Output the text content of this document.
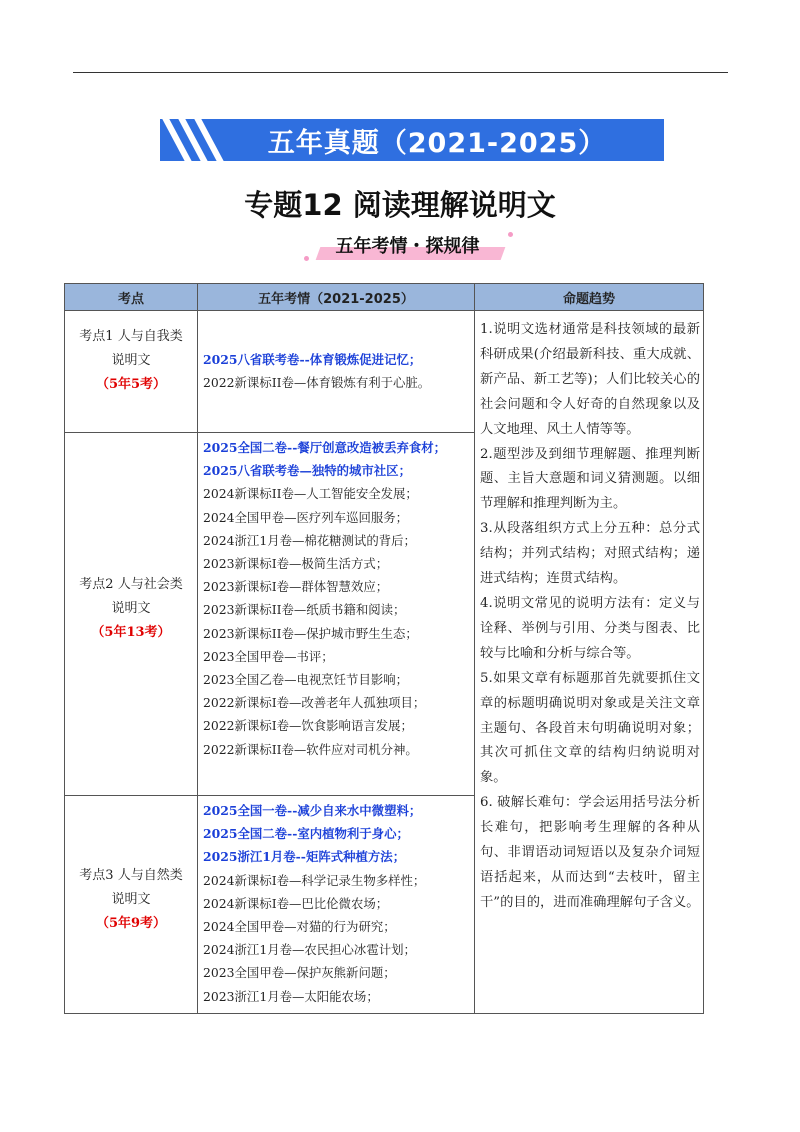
五年真题（2021-2025）
专题12 阅读理解说明文
五年考情・探规律
考点	五年考情（2021-2025）	命题趋势
考点1 人与自我类
说明文
（5年5考）
2025八省联考卷--体育锻炼促进记忆；
2022新课标II卷—体育锻炼有利于心脏。
考点2 人与社会类
说明文
（5年13考）
2025全国二卷--餐厅创意改造被丢弃食材；
2025八省联考卷—独特的城市社区；
2024新课标II卷—人工智能安全发展；
2024全国甲卷—医疗列车巡回服务；
2024浙江1月卷—棉花糖测试的背后；
2023新课标I卷—极简生活方式；
2023新课标I卷—群体智慧效应；
2023新课标II卷—纸质书籍和阅读；
2023新课标II卷—保护城市野生生态；
2023全国甲卷—书评；
2023全国乙卷—电视烹饪节目影响；
2022新课标I卷—改善老年人孤独项目；
2022新课标I卷—饮食影响语言发展；
2022新课标II卷—软件应对司机分神。
考点3 人与自然类
说明文
（5年9考）
2025全国一卷--减少自来水中微塑料；
2025全国二卷--室内植物利于身心；
2025浙江1月卷--矩阵式种植方法；
2024新课标I卷—科学记录生物多样性；
2024新课标I卷—巴比伦微农场；
2024全国甲卷—对猫的行为研究；
2024浙江1月卷—农民担心冰雹计划；
2023全国甲卷—保护灰熊新问题；
2023浙江1月卷—太阳能农场；

1.说明文选材通常是科技领域的最新科研成果(介绍最新科技、重大成就、新产品、新工艺等)；人们比较关心的社会问题和令人好奇的自然现象以及人文地理、风土人情等等。

2.题型涉及到细节理解题、推理判断题、主旨大意题和词义猜测题。以细节理解和推理判断为主。

3.从段落组织方式上分五种：总分式结构；并列式结构；对照式结构；递进式结构；连贯式结构。

4.说明文常见的说明方法有：定义与诠释、举例与引用、分类与图表、比较与比喻和分析与综合等。

5.如果文章有标题那首先就要抓住文章的标题明确说明对象或是关注文章主题句、各段首末句明确说明对象；其次可抓住文章的结构归纳说明对象。

6. 破解长难句：学会运用括号法分析长难句，把影响考生理解的各种从句、非谓语动词短语以及复杂介词短语括起来，从而达到“去枝叶，留主干”的目的，进而准确理解句子含义。
